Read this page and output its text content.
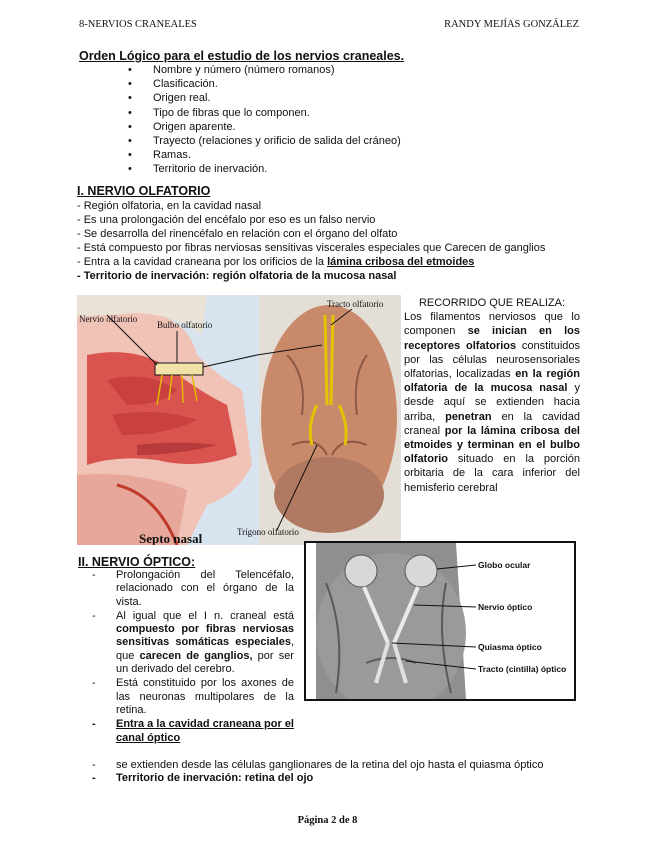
8-NERVIOS CRANEALES	RANDY MEJÍAS GONZÁLEZ
Orden Lógico para el estudio de los nervios craneales.
• Nombre y número (número romanos)
• Clasificación.
• Origen real.
• Tipo de fibras que lo componen.
• Origen aparente.
• Trayecto (relaciones y orificio de salida del cráneo)
• Ramas.
• Territorio de inervación.
I. NERVIO OLFATORIO
- Región olfatoria, en la cavidad nasal
- Es una prolongación del encéfalo por eso es un falso nervio
- Se desarrolla del rinencéfalo en relación con el órgano del olfato
- Está compuesto por fibras nerviosas sensitivas viscerales especiales que Carecen de ganglios
- Entra a la cavidad craneana por los orificios de la lámina cribosa del etmoides
- Territorio de inervación: región olfatoria de la mucosa nasal
Nervio olfatorio
Bulbo olfatorio
Tracto olfatorio
Trígono olfatorio
Septo nasal
RECORRIDO QUE REALIZA:
Los filamentos nerviosos que lo componen se inician en los receptores olfatorios constituidos por las células neurosensoriales olfatorias, localizadas en la región olfatoria de la mucosa nasal y desde aquí se extienden hacia arriba, penetran en la cavidad craneal por la lámina cribosa del etmoides y terminan en el bulbo olfatorio situado en la porción orbitaria de la cara inferior del hemisferio cerebral
II. NERVIO ÓPTICO:
- Prolongación del Telencéfalo, relacionado con el órgano de la vista.
- Al igual que el I n. craneal está compuesto por fibras nerviosas sensitivas somáticas especiales, que carecen de ganglios, por ser un derivado del cerebro.
- Está constituido por los axones de las neuronas multipolares de la retina.
- Entra a la cavidad craneana por el canal óptico
- se extienden desde las células ganglionares de la retina del ojo hasta el quiasma óptico
- Territorio de inervación: retina del ojo
Globo ocular
Nervio óptico
Quiasma óptico
Tracto (cintilla) óptico
Página 2 de 8
